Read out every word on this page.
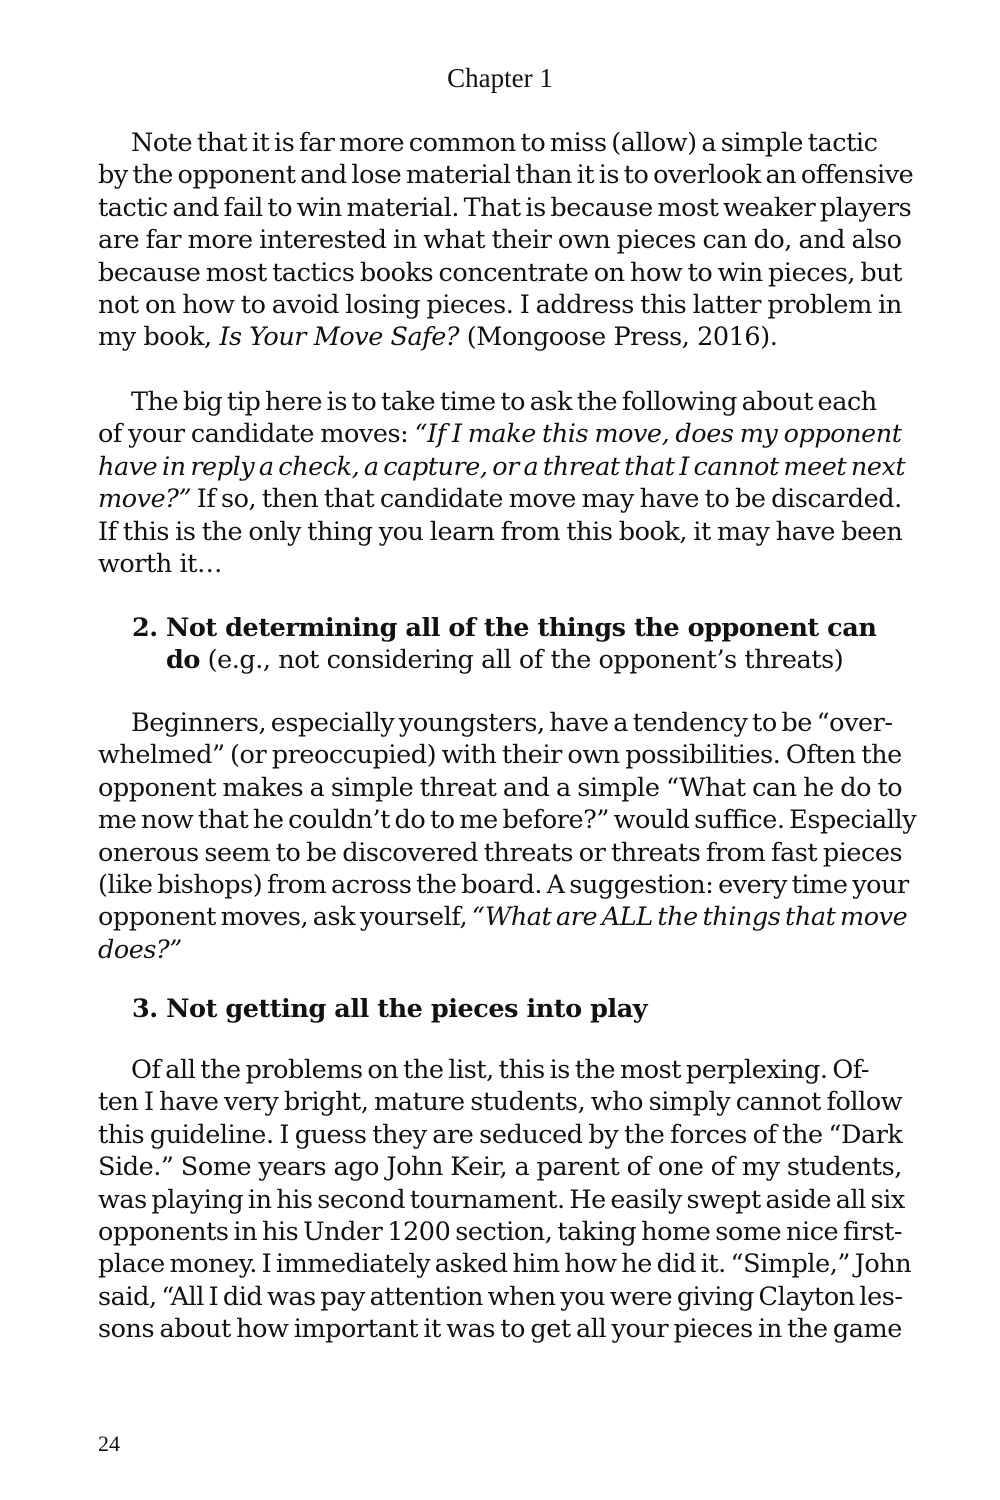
Chapter 1
Note that it is far more common to miss (allow) a simple tactic
by the opponent and lose material than it is to overlook an offensive
tactic and fail to win material. That is because most weaker players
are far more interested in what their own pieces can do, and also
because most tactics books concentrate on how to win pieces, but
not on how to avoid losing pieces. I address this latter problem in
my book, Is Your Move Safe? (Mongoose Press, 2016).
The big tip here is to take time to ask the following about each
of your candidate moves: “If I make this move, does my opponent
have in reply a check, a capture, or a threat that I cannot meet next
move?” If so, then that candidate move may have to be discarded.
If this is the only thing you learn from this book, it may have been
worth it…
2. Not determining all of the things the opponent can
do (e.g., not considering all of the opponent’s threats)
Beginners, especially youngsters, have a tendency to be “over-
whelmed” (or preoccupied) with their own possibilities. Often the
opponent makes a simple threat and a simple “What can he do to
me now that he couldn’t do to me before?” would suffice. Especially
onerous seem to be discovered threats or threats from fast pieces
(like bishops) from across the board. A suggestion: every time your
opponent moves, ask yourself, “What are ALL the things that move
does?”
3. Not getting all the pieces into play
Of all the problems on the list, this is the most perplexing. Of-
ten I have very bright, mature students, who simply cannot follow
this guideline. I guess they are seduced by the forces of the “Dark
Side.” Some years ago John Keir, a parent of one of my students,
was playing in his second tournament. He easily swept aside all six
opponents in his Under 1200 section, taking home some nice first-
place money. I immediately asked him how he did it. “Simple,” John
said, “All I did was pay attention when you were giving Clayton les-
sons about how important it was to get all your pieces in the game
24
